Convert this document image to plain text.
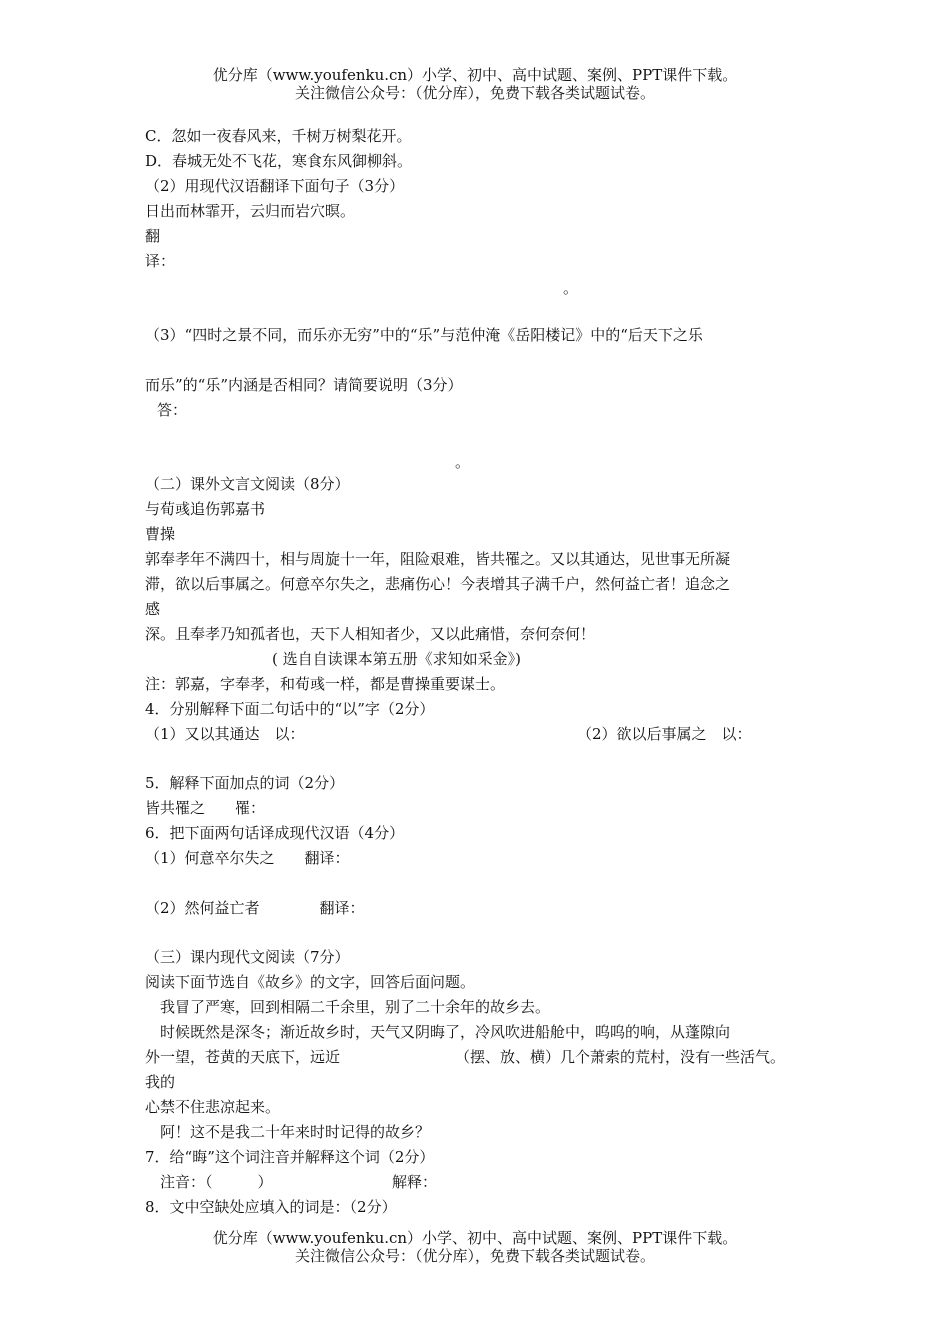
优分库（www.youfenku.cn）小学、初中、高中试题、案例、PPT课件下载。
关注微信公众号：（优分库），免费下载各类试题试卷。
C．忽如一夜春风来，千树万树梨花开。
D．春城无处不飞花，寒食东风御柳斜。
（2）用现代汉语翻译下面句子（3分）
日出而林霏开，云归而岩穴暝。
翻
译：
。
（3）“四时之景不同，而乐亦无穷”中的“乐”与范仲淹《岳阳楼记》中的“后天下之乐
而乐”的“乐”内涵是否相同？请简要说明（3分）
答：
。
（二）课外文言文阅读（8分）
与荀彧追伤郭嘉书
曹操
郭奉孝年不满四十，相与周旋十一年，阻险艰难，皆共罹之。又以其通达，见世事无所凝
滞，欲以后事属之。何意卒尔失之，悲痛伤心！今表增其子满千户，然何益亡者！追念之
感
深。且奉孝乃知孤者也，天下人相知者少，又以此痛惜，奈何奈何！
( 选自自读课本第五册《求知如采金》)
注：郭嘉，字奉孝，和荀彧一样，都是曹操重要谋士。
4．分别解释下面二句话中的“以”字（2分）
（1）又以其通达　以：	（2）欲以后事属之　以：
5．解释下面加点的词（2分）
皆共罹之　　罹：
6．把下面两句话译成现代汉语（4分）
（1）何意卒尔失之　　翻译：
（2）然何益亡者　　　　翻译：
（三）课内现代文阅读（7分）
阅读下面节选自《故乡》的文字，回答后面问题。
　我冒了严寒，回到相隔二千余里，别了二十余年的故乡去。
　时候既然是深冬；渐近故乡时，天气又阴晦了，冷风吹进船舱中，呜呜的响，从蓬隙向
外一望，苍黄的天底下，远近	（摆、放、横）几个萧索的荒村，没有一些活气。
我的
心禁不住悲凉起来。
　阿！这不是我二十年来时时记得的故乡？
7．给“晦”这个词注音并解释这个词（2分）
　注音：（　　　）	解释：
8．文中空缺处应填入的词是：（2分）
优分库（www.youfenku.cn）小学、初中、高中试题、案例、PPT课件下载。
关注微信公众号：（优分库），免费下载各类试题试卷。
